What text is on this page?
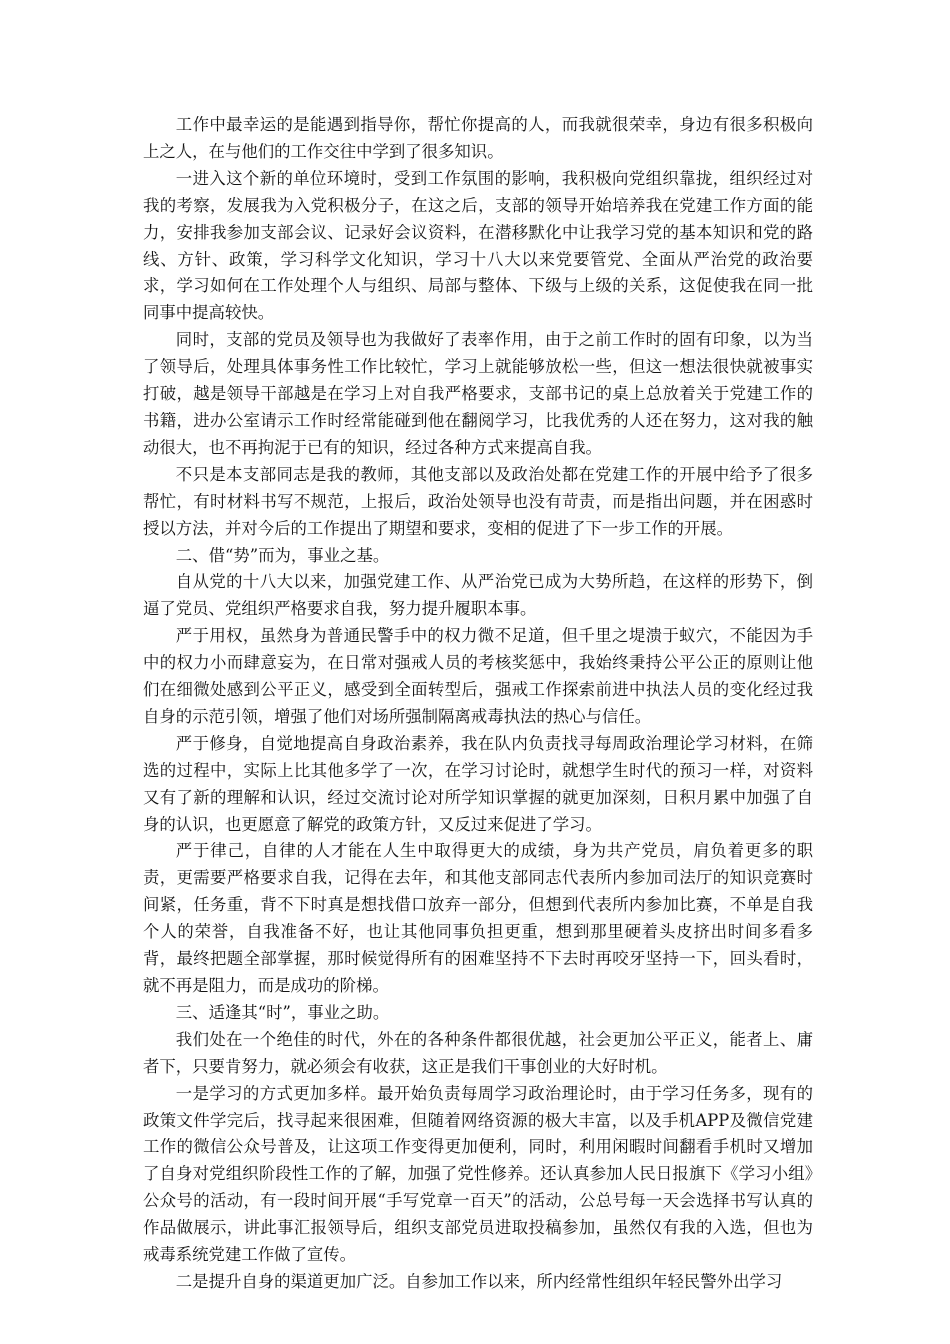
工作中最幸运的是能遇到指导你，帮忙你提高的人，而我就很荣幸，身边有很多积极向上之人，在与他们的工作交往中学到了很多知识。

一进入这个新的单位环境时，受到工作氛围的影响，我积极向党组织靠拢，组织经过对我的考察，发展我为入党积极分子，在这之后，支部的领导开始培养我在党建工作方面的能力，安排我参加支部会议、记录好会议资料，在潜移默化中让我学习党的基本知识和党的路线、方针、政策，学习科学文化知识，学习十八大以来党要管党、全面从严治党的政治要求，学习如何在工作处理个人与组织、局部与整体、下级与上级的关系，这促使我在同一批同事中提高较快。

同时，支部的党员及领导也为我做好了表率作用，由于之前工作时的固有印象，以为当了领导后，处理具体事务性工作比较忙，学习上就能够放松一些，但这一想法很快就被事实打破，越是领导干部越是在学习上对自我严格要求，支部书记的桌上总放着关于党建工作的书籍，进办公室请示工作时经常能碰到他在翻阅学习，比我优秀的人还在努力，这对我的触动很大，也不再拘泥于已有的知识，经过各种方式来提高自我。

不只是本支部同志是我的教师，其他支部以及政治处都在党建工作的开展中给予了很多帮忙，有时材料书写不规范，上报后，政治处领导也没有苛责，而是指出问题，并在困惑时授以方法，并对今后的工作提出了期望和要求，变相的促进了下一步工作的开展。

二、借“势”而为，事业之基。

自从党的十八大以来，加强党建工作、从严治党已成为大势所趋，在这样的形势下，倒逼了党员、党组织严格要求自我，努力提升履职本事。

严于用权，虽然身为普通民警手中的权力微不足道，但千里之堤溃于蚁穴，不能因为手中的权力小而肆意妄为，在日常对强戒人员的考核奖惩中，我始终秉持公平公正的原则让他们在细微处感到公平正义，感受到全面转型后，强戒工作探索前进中执法人员的变化经过我自身的示范引领，增强了他们对场所强制隔离戒毒执法的热心与信任。

严于修身，自觉地提高自身政治素养，我在队内负责找寻每周政治理论学习材料，在筛选的过程中，实际上比其他多学了一次，在学习讨论时，就想学生时代的预习一样，对资料又有了新的理解和认识，经过交流讨论对所学知识掌握的就更加深刻，日积月累中加强了自身的认识，也更愿意了解党的政策方针，又反过来促进了学习。

严于律己，自律的人才能在人生中取得更大的成绩，身为共产党员，肩负着更多的职责，更需要严格要求自我，记得在去年，和其他支部同志代表所内参加司法厅的知识竞赛时间紧，任务重，背不下时真是想找借口放弃一部分，但想到代表所内参加比赛，不单是自我个人的荣誉，自我准备不好，也让其他同事负担更重，想到那里硬着头皮挤出时间多看多背，最终把题全部掌握，那时候觉得所有的困难坚持不下去时再咬牙坚持一下，回头看时，就不再是阻力，而是成功的阶梯。

三、适逢其“时”，事业之助。

我们处在一个绝佳的时代，外在的各种条件都很优越，社会更加公平正义，能者上、庸者下，只要肯努力，就必须会有收获，这正是我们干事创业的大好时机。

一是学习的方式更加多样。最开始负责每周学习政治理论时，由于学习任务多，现有的政策文件学完后，找寻起来很困难，但随着网络资源的极大丰富，以及手机APP及微信党建工作的微信公众号普及，让这项工作变得更加便利，同时，利用闲暇时间翻看手机时又增加了自身对党组织阶段性工作的了解，加强了党性修养。还认真参加人民日报旗下《学习小组》公众号的活动，有一段时间开展“手写党章一百天”的活动，公总号每一天会选择书写认真的作品做展示，讲此事汇报领导后，组织支部党员进取投稿参加，虽然仅有我的入选，但也为戒毒系统党建工作做了宣传。

二是提升自身的渠道更加广泛。自参加工作以来，所内经常性组织年轻民警外出学习
